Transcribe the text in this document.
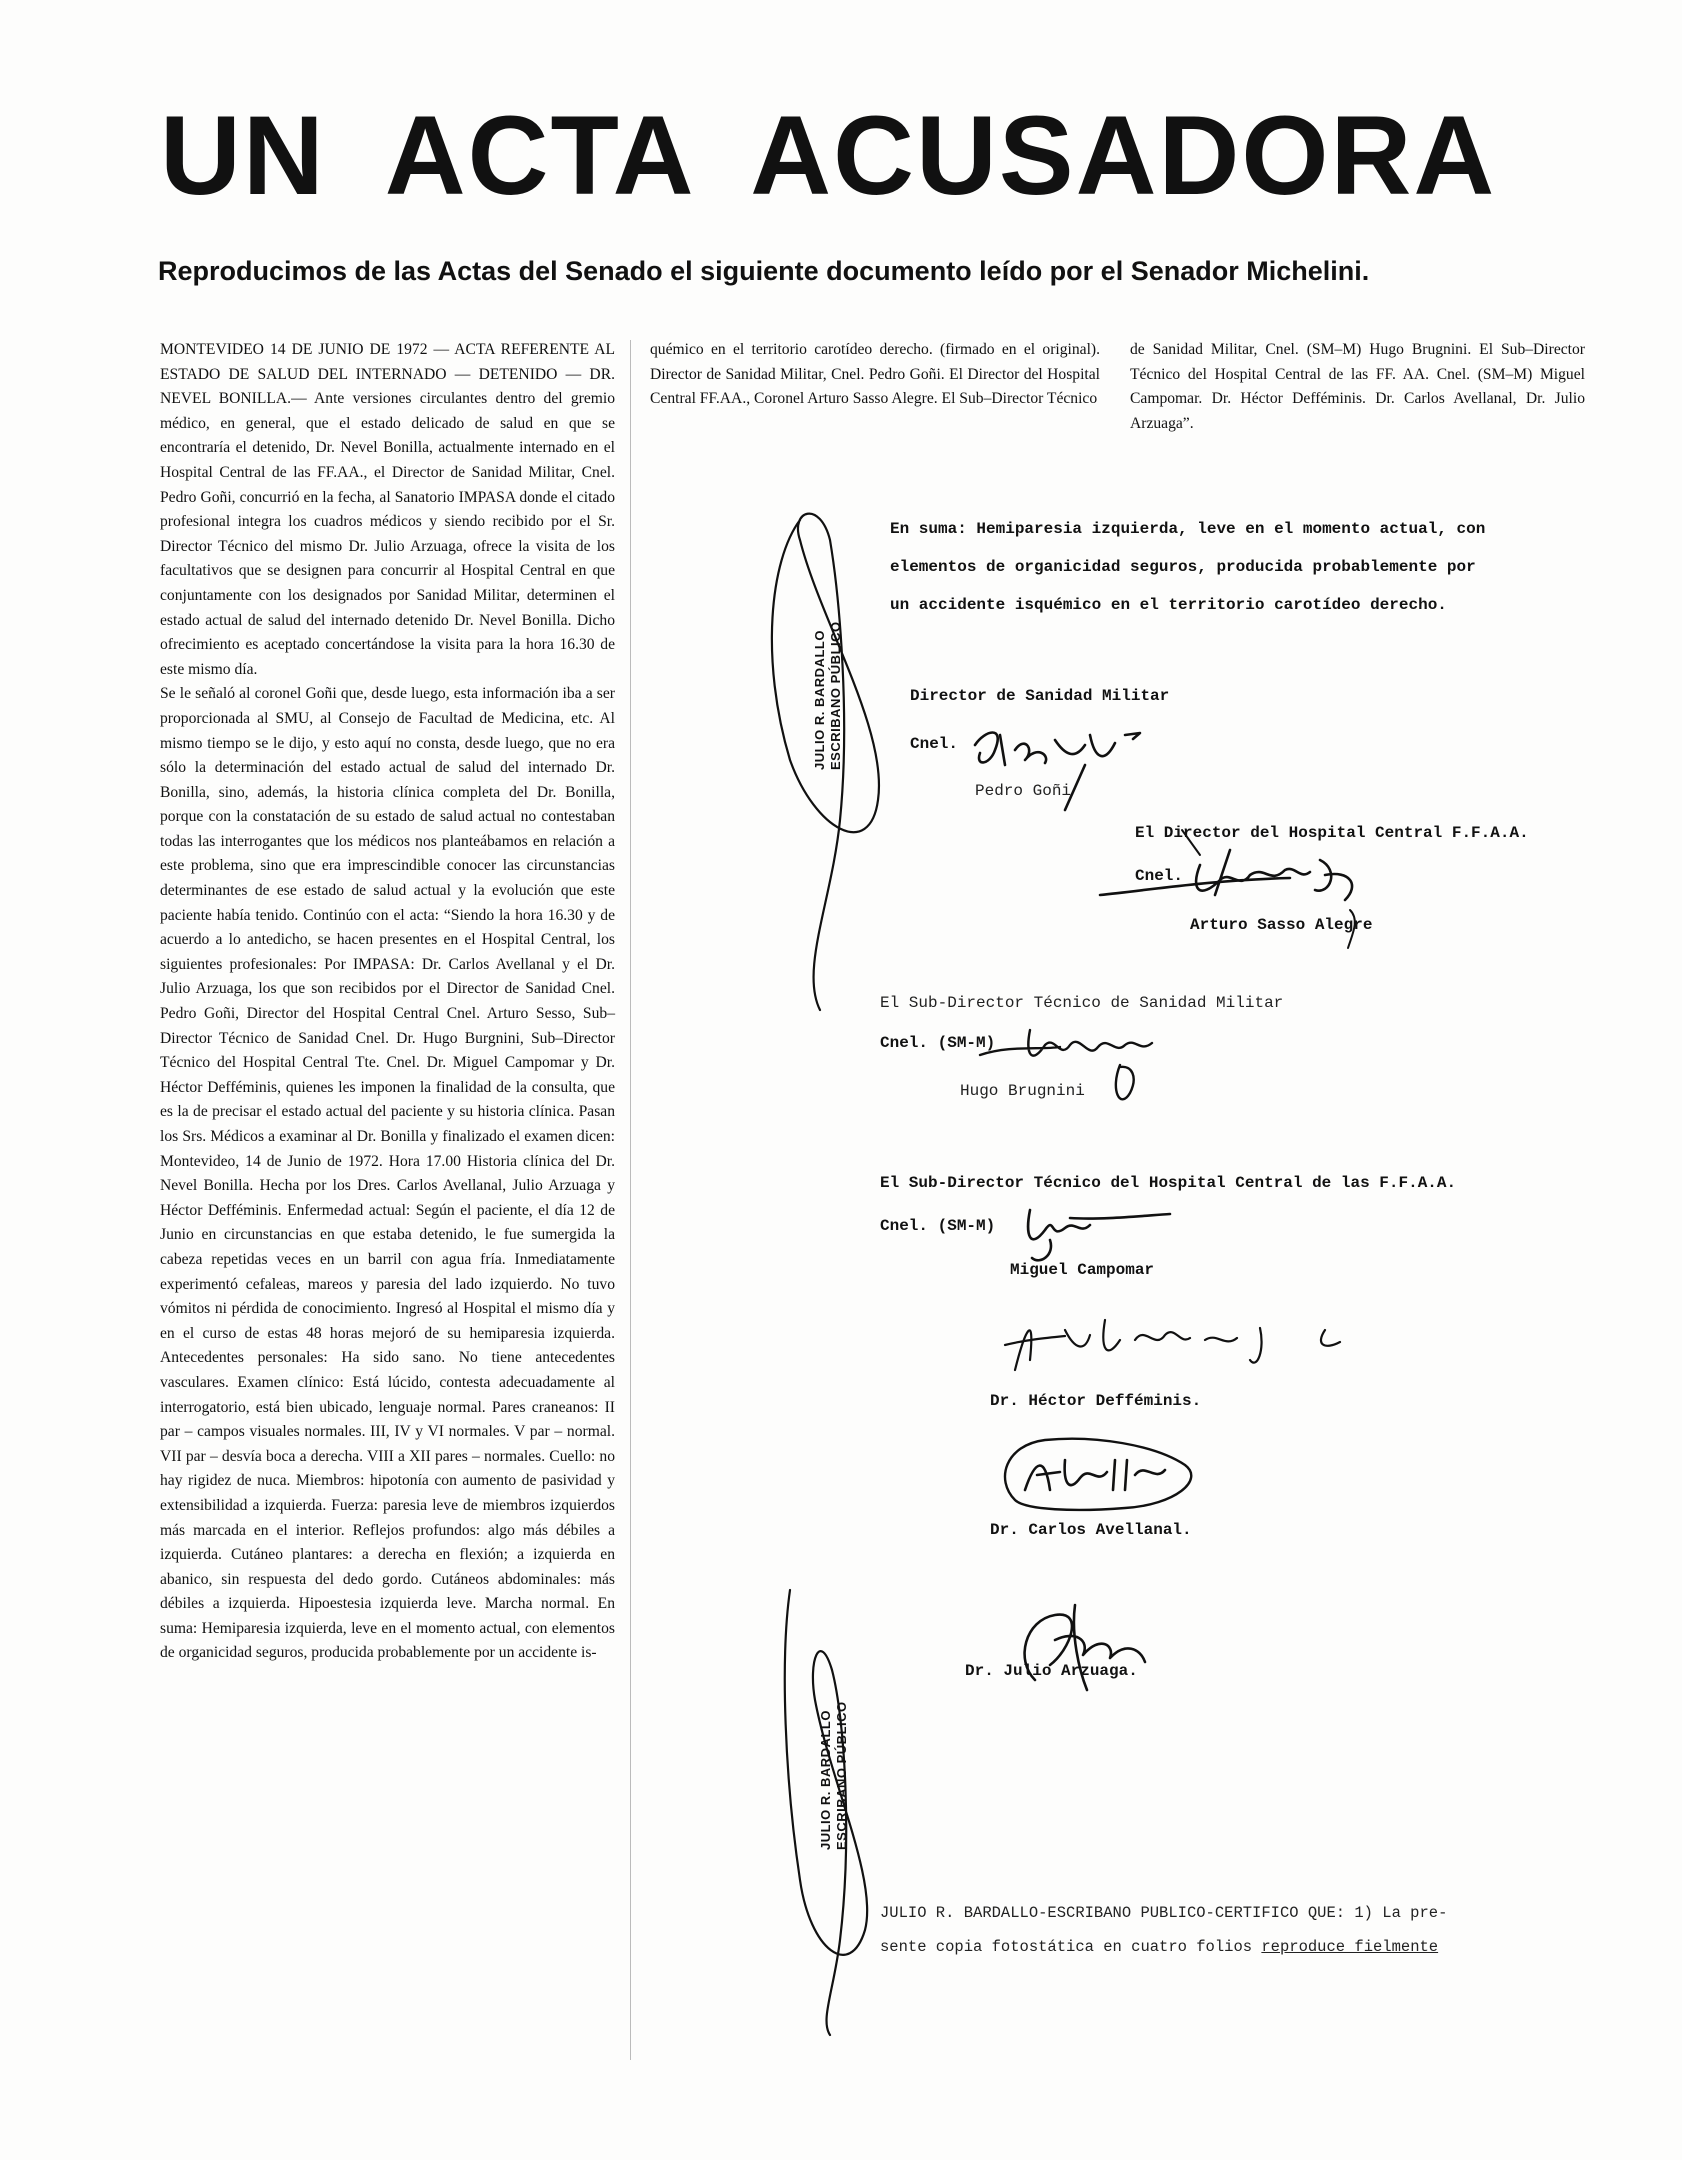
UN ACTA ACUSADORA
Reproducimos de las Actas del Senado el siguiente documento leído por el Senador Michelini.

MONTEVIDEO 14 DE JUNIO DE 1972 — ACTA REFERENTE AL ESTADO DE SALUD DEL INTERNADO — DETENIDO — DR. NEVEL BONILLA.— Ante versiones circulantes dentro del gremio médico, en general, que el estado delicado de salud en que se encontraría el detenido, Dr. Nevel Bonilla, actualmente internado en el Hospital Central de las FF.AA., el Director de Sanidad Militar, Cnel. Pedro Goñi, concurrió en la fecha, al Sanatorio IMPASA donde el citado profesional integra los cuadros médicos y siendo recibido por el Sr. Director Técnico del mismo Dr. Julio Arzuaga, ofrece la visita de los facultativos que se designen para concurrir al Hospital Central en que conjuntamente con los designados por Sanidad Militar, determinen el estado actual de salud del internado detenido Dr. Nevel Bonilla. Dicho ofrecimiento es aceptado concertándose la visita para la hora 16.30 de este mismo día.

Se le señaló al coronel Goñi que, desde luego, esta información iba a ser proporcionada al SMU, al Consejo de Facultad de Medicina, etc. Al mismo tiempo se le dijo, y esto aquí no consta, desde luego, que no era sólo la determinación del estado actual de salud del internado Dr. Bonilla, sino, además, la historia clínica completa del Dr. Bonilla, porque con la constatación de su estado de salud actual no contestaban todas las interrogantes que los médicos nos planteábamos en relación a este problema, sino que era imprescindible conocer las circunstancias determinantes de ese estado de salud actual y la evolución que este paciente había tenido. Continúo con el acta: “Siendo la hora 16.30 y de acuerdo a lo antedicho, se hacen presentes en el Hospital Central, los siguientes profesionales: Por IMPASA: Dr. Carlos Avellanal y el Dr. Julio Arzuaga, los que son recibidos por el Director de Sanidad Cnel. Pedro Goñi, Director del Hospital Central Cnel. Arturo Sesso, Sub–Director Técnico de Sanidad Cnel. Dr. Hugo Burgnini, Sub–Director Técnico del Hospital Central Tte. Cnel. Dr. Miguel Campomar y Dr. Héctor Defféminis, quienes les imponen la finalidad de la consulta, que es la de precisar el estado actual del paciente y su historia clínica. Pasan los Srs. Médicos a examinar al Dr. Bonilla y finalizado el examen dicen: Montevideo, 14 de Junio de 1972. Hora 17.00 Historia clínica del Dr. Nevel Bonilla. Hecha por los Dres. Carlos Avellanal, Julio Arzuaga y Héctor Defféminis. Enfermedad actual: Según el paciente, el día 12 de Junio en circunstancias en que estaba detenido, le fue sumergida la cabeza repetidas veces en un barril con agua fría. Inmediatamente experimentó cefaleas, mareos y paresia del lado izquierdo. No tuvo vómitos ni pérdida de conocimiento. Ingresó al Hospital el mismo día y en el curso de estas 48 horas mejoró de su hemiparesia izquierda. Antecedentes personales: Ha sido sano. No tiene antecedentes vasculares. Examen clínico: Está lúcido, contesta adecuadamente al interrogatorio, está bien ubicado, lenguaje normal. Pares craneanos: II par – campos visuales normales. III, IV y VI normales. V par – normal. VII par – desvía boca a derecha. VIII a XII pares – normales. Cuello: no hay rigidez de nuca. Miembros: hipotonía con aumento de pasividad y extensibilidad a izquierda. Fuerza: paresia leve de miembros izquierdos más marcada en el interior. Reflejos profundos: algo más débiles a izquierda. Cutáneo plantares: a derecha en flexión; a izquierda en abanico, sin respuesta del dedo gordo. Cutáneos abdominales: más débiles a izquierda. Hipoestesia izquierda leve. Marcha normal. En suma: Hemiparesia izquierda, leve en el momento actual, con elementos de organicidad seguros, producida probablemente por un accidente is-

quémico en el territorio carotídeo derecho. (firmado en el original). Director de Sanidad Militar, Cnel. Pedro Goñi. El Director del Hospital Central FF.AA., Coronel Arturo Sasso Alegre. El Sub–Director Técnico

de Sanidad Militar, Cnel. (SM–M) Hugo Brugnini. El Sub–Director Técnico del Hospital Central de las FF. AA. Cnel. (SM–M) Miguel Campomar. Dr. Héctor Defféminis. Dr. Carlos Avellanal, Dr. Julio Arzuaga”.

JULIO R. BARDALLO ESCRIBANO PÚBLICO
En suma: Hemiparesia izquierda, leve en el momento actual, con
elementos de organicidad seguros, producida probablemente por
un accidente isquémico en el territorio carotídeo derecho.
Director de Sanidad Militar
Cnel.
Pedro Goñi
El Director del Hospital Central F.F.A.A.
Cnel.
Arturo Sasso Alegre
El Sub-Director Técnico de Sanidad Militar
Cnel. (SM-M)
Hugo Brugnini
El Sub-Director Técnico del Hospital Central de las F.F.A.A.
Cnel. (SM-M)
Miguel Campomar
Dr. Héctor Defféminis.
Dr. Carlos Avellanal.
JULIO R. BARDALLO ESCRIBANO PÚBLICO
Dr. Julio Arzuaga.
JULIO R. BARDALLO-ESCRIBANO PUBLICO-CERTIFICO QUE: 1) La pre-
sente copia fotostática en cuatro folios reproduce fielmente
